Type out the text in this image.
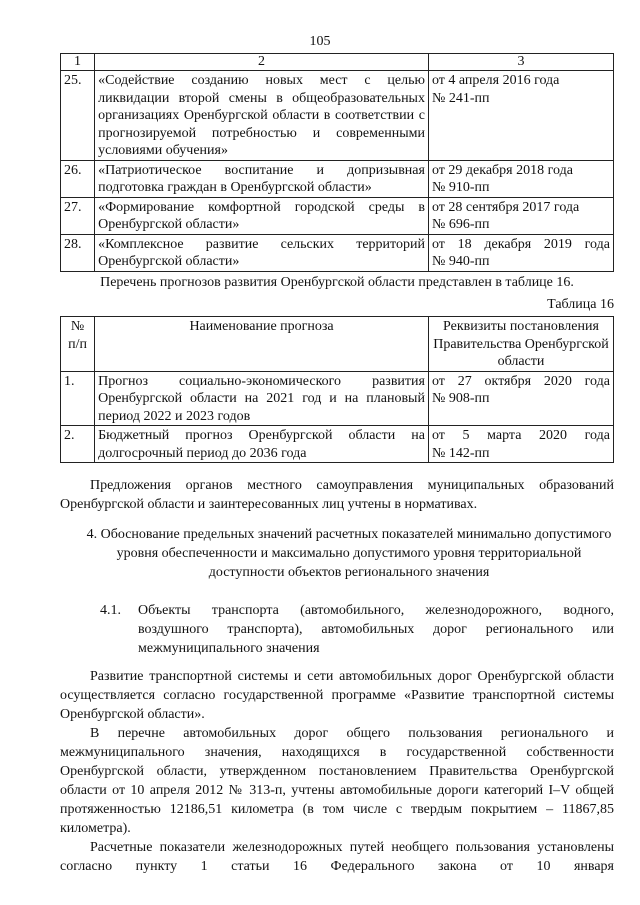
105
1	2	3
25.	«Содействие созданию новых мест с целью ликвидации второй смены в общеобразовательных организациях Оренбургской области в соответствии с прогнозируемой потребностью и современными условиями обучения»	от 4 апреля 2016 года
№ 241-пп

26.	«Патриотическое воспитание и допризывная подготовка граждан в Оренбургской области»	от 29 декабря 2018 года
№ 910-пп

27.	«Формирование комфортной городской среды в Оренбургской области»	от 28 сентября 2017 года
№ 696-пп

28.	«Комплексное развитие сельских территорий Оренбургской области»	от 18 декабря 2019 года
№ 940-пп
Перечень прогнозов развития Оренбургской области представлен в таблице 16.
Таблица 16
№ п/п	Наименование прогноза	Реквизиты постановления Правительства Оренбургской области
1.	Прогноз социально-экономического развития Оренбургской области на 2021 год и на плановый период 2022 и 2023 годов	от 27 октября 2020 года
№ 908-пп

2.	Бюджетный прогноз Оренбургской области на долгосрочный период до 2036 года	от 5 марта 2020 года
№ 142-пп
Предложения органов местного самоуправления муниципальных образований Оренбургской области и заинтересованных лиц учтены в нормативах.
4. Обоснование предельных значений расчетных показателей минимально допустимого уровня обеспеченности и максимально допустимого уровня территориальной доступности объектов регионального значения
4.1.	Объекты транспорта (автомобильного, железнодорожного, водного, воздушного транспорта), автомобильных дорог регионального или межмуниципального значения
Развитие транспортной системы и сети автомобильных дорог Оренбургской области осуществляется согласно государственной программе «Развитие транспортной системы Оренбургской области».
В перечне автомобильных дорог общего пользования регионального и межмуниципального значения, находящихся в государственной собственности Оренбургской области, утвержденном постановлением Правительства Оренбургской области от 10 апреля 2012 № 313-п, учтены автомобильные дороги категорий I–V общей протяженностью 12186,51 километра (в том числе с твердым покрытием – 11867,85 километра).
Расчетные показатели железнодорожных путей необщего пользования установлены согласно пункту 1 статьи 16 Федерального закона от 10 января
